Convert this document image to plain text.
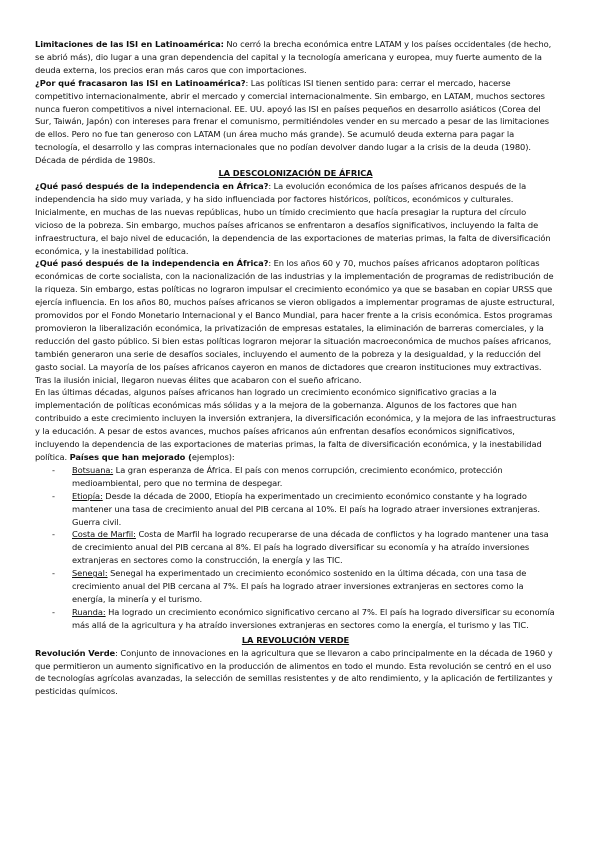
Limitaciones de las ISI en Latinoamérica: No cerró la brecha económica entre LATAM y los países occidentales (de hecho, se abrió más), dio lugar a una gran dependencia del capital y la tecnología americana y europea, muy fuerte aumento de la deuda externa, los precios eran más caros que con importaciones.

¿Por qué fracasaron las ISI en Latinoamérica?: Las políticas ISI tienen sentido para: cerrar el mercado, hacerse competitivo internacionalmente, abrir el mercado y comercial internacionalmente. Sin embargo, en LATAM, muchos sectores nunca fueron competitivos a nivel internacional. EE. UU. apoyó las ISI en países pequeños en desarrollo asiáticos (Corea del Sur, Taiwán, Japón) con intereses para frenar el comunismo, permitiéndoles vender en su mercado a pesar de las limitaciones de ellos. Pero no fue tan generoso con LATAM (un área mucho más grande). Se acumuló deuda externa para pagar la tecnología, el desarrollo y las compras internacionales que no podían devolver dando lugar a la crisis de la deuda (1980). Década de pérdida de 1980s.

LA DESCOLONIZACIÓN DE ÁFRICA

¿Qué pasó después de la independencia en África?: La evolución económica de los países africanos después de la independencia ha sido muy variada, y ha sido influenciada por factores históricos, políticos, económicos y culturales. Inicialmente, en muchas de las nuevas repúblicas, hubo un tímido crecimiento que hacía presagiar la ruptura del círculo vicioso de la pobreza. Sin embargo, muchos países africanos se enfrentaron a desafíos significativos, incluyendo la falta de infraestructura, el bajo nivel de educación, la dependencia de las exportaciones de materias primas, la falta de diversificación económica, y la inestabilidad política.

¿Qué pasó después de la independencia en África?: En los años 60 y 70, muchos países africanos adoptaron políticas económicas de corte socialista, con la nacionalización de las industrias y la implementación de programas de redistribución de la riqueza. Sin embargo, estas políticas no lograron impulsar el crecimiento económico ya que se basaban en copiar URSS que ejercía influencia. En los años 80, muchos países africanos se vieron obligados a implementar programas de ajuste estructural, promovidos por el Fondo Monetario Internacional y el Banco Mundial, para hacer frente a la crisis económica. Estos programas promovieron la liberalización económica, la privatización de empresas estatales, la eliminación de barreras comerciales, y la reducción del gasto público. Si bien estas políticas lograron mejorar la situación macroeconómica de muchos países africanos, también generaron una serie de desafíos sociales, incluyendo el aumento de la pobreza y la desigualdad, y la reducción del gasto social. La mayoría de los países africanos cayeron en manos de dictadores que crearon instituciones muy extractivas. Tras la ilusión inicial, llegaron nuevas élites que acabaron con el sueño africano.

En las últimas décadas, algunos países africanos han logrado un crecimiento económico significativo gracias a la implementación de políticas económicas más sólidas y a la mejora de la gobernanza. Algunos de los factores que han contribuido a este crecimiento incluyen la inversión extranjera, la diversificación económica, y la mejora de las infraestructuras y la educación. A pesar de estos avances, muchos países africanos aún enfrentan desafíos económicos significativos, incluyendo la dependencia de las exportaciones de materias primas, la falta de diversificación económica, y la inestabilidad política. Países que han mejorado (ejemplos):

- Botsuana: La gran esperanza de África. El país con menos corrupción, crecimiento económico, protección medioambiental, pero que no termina de despegar.
- Etiopía: Desde la década de 2000, Etiopía ha experimentado un crecimiento económico constante y ha logrado mantener una tasa de crecimiento anual del PIB cercana al 10%. El país ha logrado atraer inversiones extranjeras. Guerra civil.
- Costa de Marfil: Costa de Marfil ha logrado recuperarse de una década de conflictos y ha logrado mantener una tasa de crecimiento anual del PIB cercana al 8%. El país ha logrado diversificar su economía y ha atraído inversiones extranjeras en sectores como la construcción, la energía y las TIC.
- Senegal: Senegal ha experimentado un crecimiento económico sostenido en la última década, con una tasa de crecimiento anual del PIB cercana al 7%. El país ha logrado atraer inversiones extranjeras en sectores como la energía, la minería y el turismo.
- Ruanda: Ha logrado un crecimiento económico significativo cercano al 7%. El país ha logrado diversificar su economía más allá de la agricultura y ha atraído inversiones extranjeras en sectores como la energía, el turismo y las TIC.
LA REVOLUCIÓN VERDE

Revolución Verde: Conjunto de innovaciones en la agricultura que se llevaron a cabo principalmente en la década de 1960 y que permitieron un aumento significativo en la producción de alimentos en todo el mundo. Esta revolución se centró en el uso de tecnologías agrícolas avanzadas, la selección de semillas resistentes y de alto rendimiento, y la aplicación de fertilizantes y pesticidas químicos.
